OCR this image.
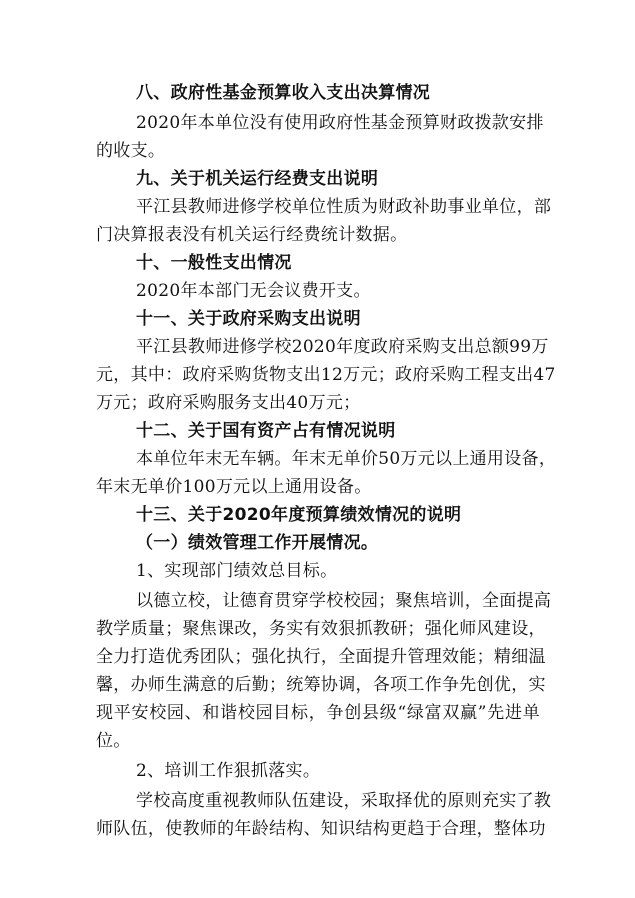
八、政府性基金预算收入支出决算情况
2020年本单位没有使用政府性基金预算财政拨款安排
的收支。
九、关于机关运行经费支出说明
平江县教师进修学校单位性质为财政补助事业单位，部
门决算报表没有机关运行经费统计数据。
十、一般性支出情况
2020年本部门无会议费开支。
十一、关于政府采购支出说明
平江县教师进修学校2020年度政府采购支出总额99万
元，其中：政府采购货物支出12万元；政府采购工程支出47
万元；政府采购服务支出40万元；
十二、关于国有资产占有情况说明
本单位年末无车辆。年末无单价50万元以上通用设备，
年末无单价100万元以上通用设备。
十三、关于2020年度预算绩效情况的说明
（一）绩效管理工作开展情况。
1、实现部门绩效总目标。
以德立校，让德育贯穿学校校园；聚焦培训，全面提高
教学质量；聚焦课改，务实有效狠抓教研；强化师风建设，
全力打造优秀团队；强化执行，全面提升管理效能；精细温
馨，办师生满意的后勤；统筹协调，各项工作争先创优，实
现平安校园、和谐校园目标，争创县级“绿富双赢”先进单
位。
2、培训工作狠抓落实。
学校高度重视教师队伍建设，采取择优的原则充实了教
师队伍，使教师的年龄结构、知识结构更趋于合理，整体功
